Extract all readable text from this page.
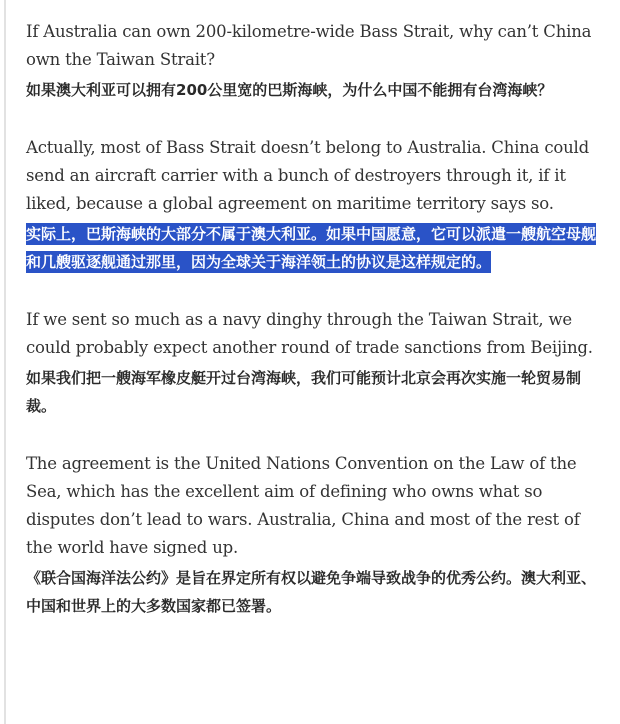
If Australia can own 200-kilometre-wide Bass Strait, why can’t China own the Taiwan Strait?

如果澳大利亚可以拥有200公里宽的巴斯海峡，为什么中国不能拥有台湾海峡？

Actually, most of Bass Strait doesn’t belong to Australia. China could send an aircraft carrier with a bunch of destroyers through it, if it liked, because a global agreement on maritime territory says so.

实际上，巴斯海峡的大部分不属于澳大利亚。如果中国愿意，它可以派遣一艘航空母舰和几艘驱逐舰通过那里，因为全球关于海洋领土的协议是这样规定的。

If we sent so much as a navy dinghy through the Taiwan Strait, we could probably expect another round of trade sanctions from Beijing.

如果我们把一艘海军橡皮艇开过台湾海峡，我们可能预计北京会再次实施一轮贸易制裁。

The agreement is the United Nations Convention on the Law of the Sea, which has the excellent aim of defining who owns what so disputes don’t lead to wars. Australia, China and most of the rest of the world have signed up.

《联合国海洋法公约》是旨在界定所有权以避免争端导致战争的优秀公约。澳大利亚、中国和世界上的大多数国家都已签署。
